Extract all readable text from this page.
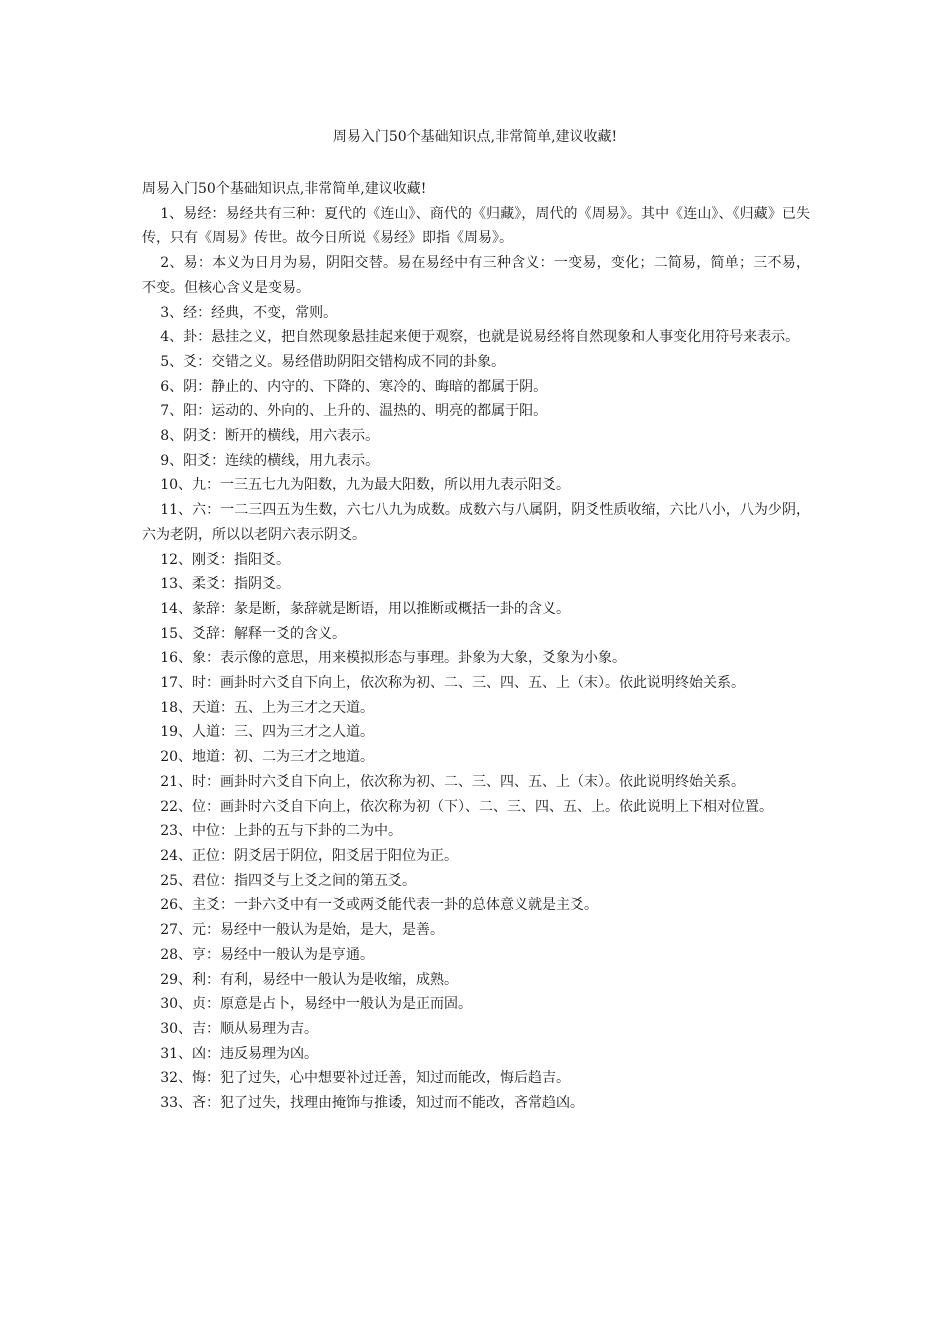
周易入门50个基础知识点,非常简单,建议收藏!

周易入门50个基础知识点,非常简单,建议收藏!

1、易经：易经共有三种：夏代的《连山》、商代的《归藏》，周代的《周易》。其中《连山》、《归藏》已失传，只有《周易》传世。故今日所说《易经》即指《周易》。
2、易：本义为日月为易，阴阳交替。易在易经中有三种含义：一变易，变化；二简易，简单；三不易，不变。但核心含义是变易。
3、经：经典，不变，常则。
4、卦：悬挂之义，把自然现象悬挂起来便于观察，也就是说易经将自然现象和人事变化用符号来表示。
5、爻：交错之义。易经借助阴阳交错构成不同的卦象。
6、阴：静止的、内守的、下降的、寒冷的、晦暗的都属于阴。
7、阳：运动的、外向的、上升的、温热的、明亮的都属于阳。
8、阴爻：断开的横线，用六表示。
9、阳爻：连续的横线，用九表示。
10、九：一三五七九为阳数，九为最大阳数，所以用九表示阳爻。
11、六：一二三四五为生数，六七八九为成数。成数六与八属阴，阴爻性质收缩，六比八小，八为少阴，六为老阴，所以以老阴六表示阴爻。
12、刚爻：指阳爻。
13、柔爻：指阴爻。
14、彖辞：彖是断，彖辞就是断语，用以推断或概括一卦的含义。
15、爻辞：解释一爻的含义。
16、象：表示像的意思，用来模拟形态与事理。卦象为大象，爻象为小象。
17、时：画卦时六爻自下向上，依次称为初、二、三、四、五、上（末）。依此说明终始关系。
18、天道：五、上为三才之天道。
19、人道：三、四为三才之人道。
20、地道：初、二为三才之地道。
21、时：画卦时六爻自下向上，依次称为初、二、三、四、五、上（末）。依此说明终始关系。
22、位：画卦时六爻自下向上，依次称为初（下）、二、三、四、五、上。依此说明上下相对位置。
23、中位：上卦的五与下卦的二为中。
24、正位：阴爻居于阴位，阳爻居于阳位为正。
25、君位：指四爻与上爻之间的第五爻。
26、主爻：一卦六爻中有一爻或两爻能代表一卦的总体意义就是主爻。
27、元：易经中一般认为是始，是大，是善。
28、亨：易经中一般认为是亨通。
29、利：有利，易经中一般认为是收缩，成熟。
30、贞：原意是占卜，易经中一般认为是正而固。
30、吉：顺从易理为吉。
31、凶：违反易理为凶。
32、悔：犯了过失，心中想要补过迁善，知过而能改，悔后趋吉。
33、吝：犯了过失，找理由掩饰与推诿，知过而不能改，吝常趋凶。
